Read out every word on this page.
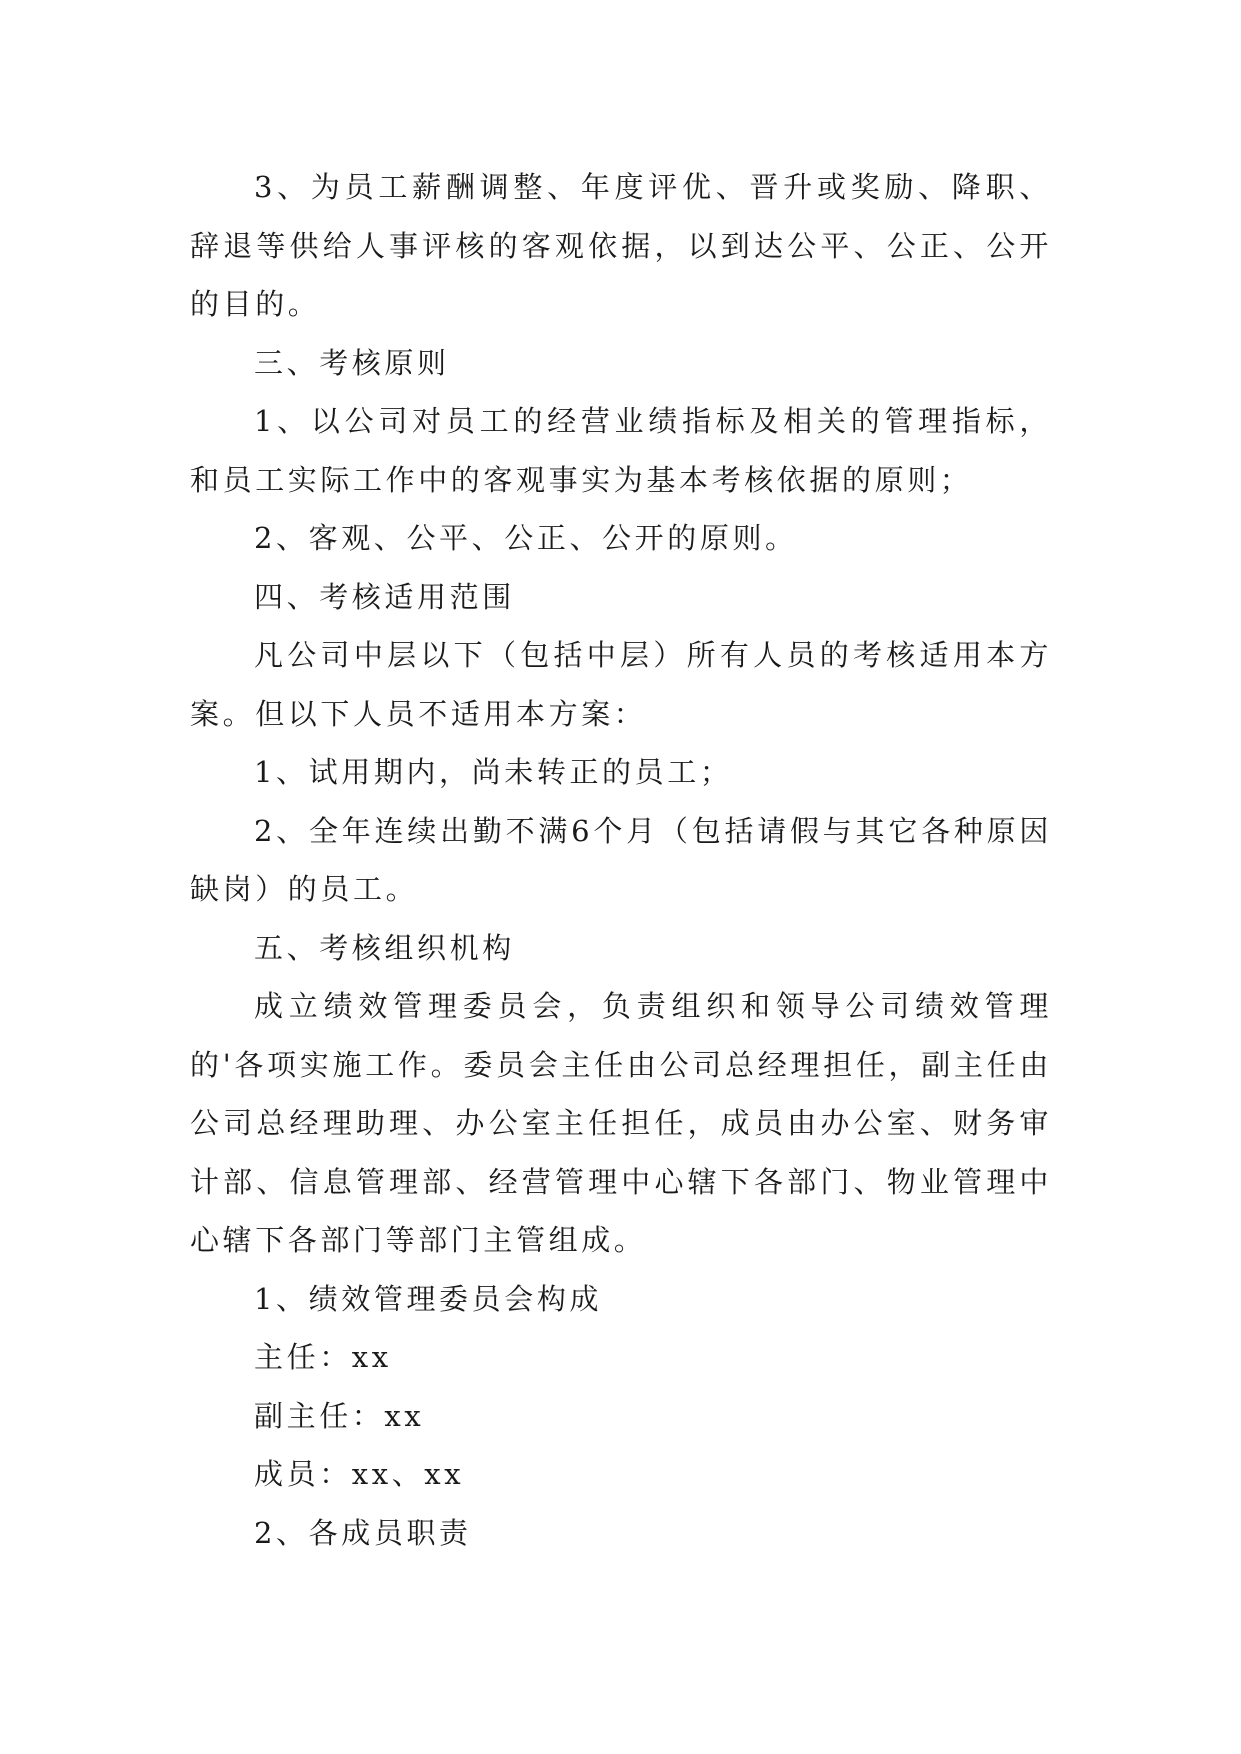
3、为员工薪酬调整、年度评优、晋升或奖励、降职、辞退等供给人事评核的客观依据，以到达公平、公正、公开的目的。

三、考核原则

1、以公司对员工的经营业绩指标及相关的管理指标，和员工实际工作中的客观事实为基本考核依据的原则；

2、客观、公平、公正、公开的原则。

四、考核适用范围

凡公司中层以下（包括中层）所有人员的考核适用本方案。但以下人员不适用本方案：

1、试用期内，尚未转正的员工；

2、全年连续出勤不满6个月（包括请假与其它各种原因缺岗）的员工。

五、考核组织机构

成立绩效管理委员会，负责组织和领导公司绩效管理的'各项实施工作。委员会主任由公司总经理担任，副主任由公司总经理助理、办公室主任担任，成员由办公室、财务审计部、信息管理部、经营管理中心辖下各部门、物业管理中心辖下各部门等部门主管组成。

1、绩效管理委员会构成

主任：xx

副主任：xx

成员：xx、xx

2、各成员职责
